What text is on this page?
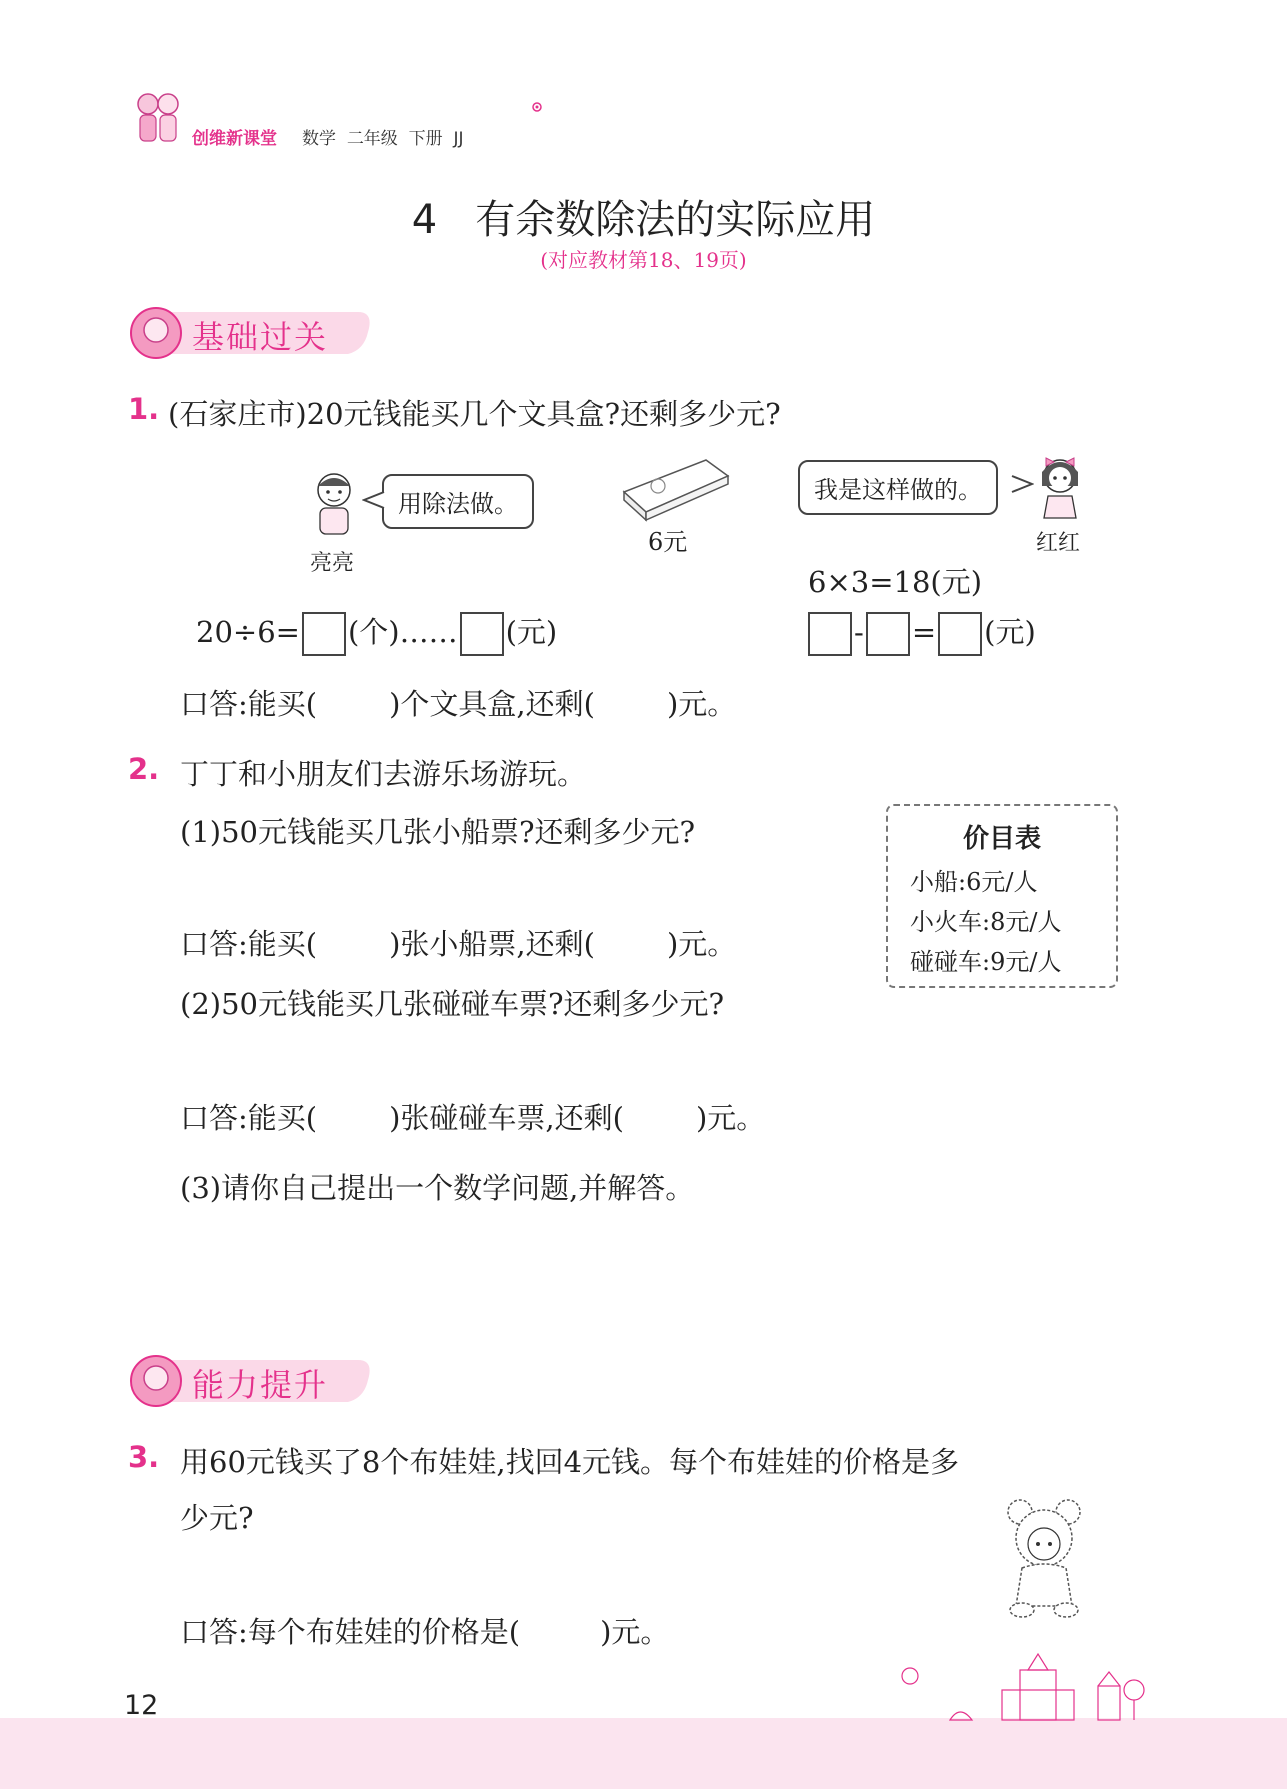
创维新课堂 数学 二年级 下册 JJ
4 有余数除法的实际应用
(对应教材第18、19页)
基础过关
1. (石家庄市)20元钱能买几个文具盒?还剩多少元?
用除法做。
亮亮
6元
我是这样做的。
红红
6×3=18(元)
20÷6= (个)…… (元)	- = (元)
口答:能买( )个文具盒,还剩( )元。
2. 丁丁和小朋友们去游乐场游玩。
(1)50元钱能买几张小船票?还剩多少元?	价目表
小船:6元/人
小火车:8元/人
碰碰车:9元/人
口答:能买( )张小船票,还剩( )元。
(2)50元钱能买几张碰碰车票?还剩多少元?
口答:能买( )张碰碰车票,还剩( )元。
(3)请你自己提出一个数学问题,并解答。
能力提升
3. 用60元钱买了8个布娃娃,找回4元钱。每个布娃娃的价格是多
少元?
口答:每个布娃娃的价格是(	)元。
12
